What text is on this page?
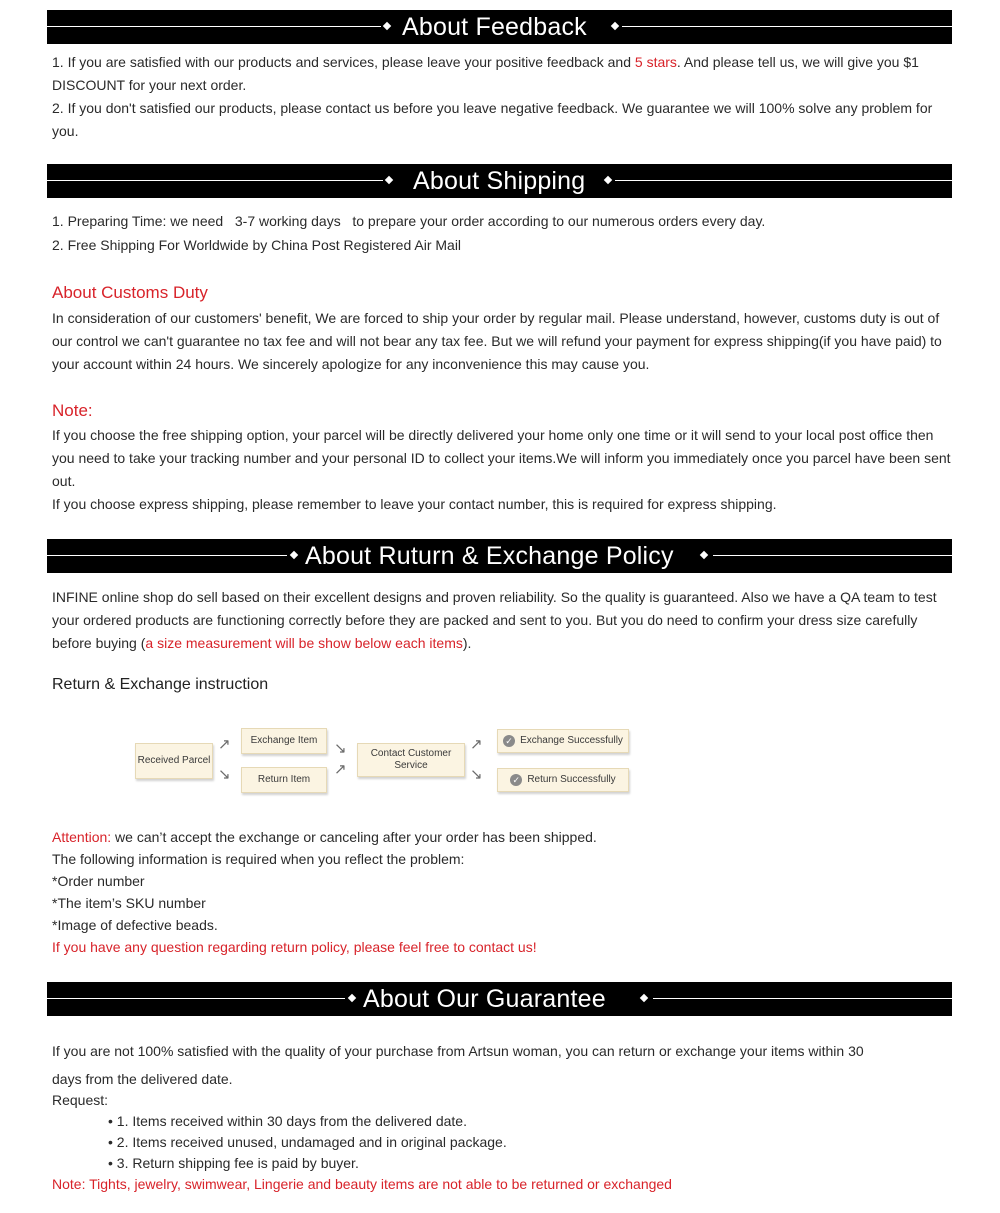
About Feedback

1. If you are satisfied with our products and services, please leave your positive feedback and 5 stars. And please tell us, we will give you $1 DISCOUNT for your next order.

2. If you don't satisfied our products, please contact us before you leave negative feedback. We guarantee we will 100% solve any problem for you.

About Shipping

1. Preparing Time: we need   3-7 working days   to prepare your order according to our numerous orders every day.

2. Free Shipping For Worldwide by China Post Registered Air Mail

About Customs Duty
In consideration of our customers' benefit, We are forced to ship your order by regular mail. Please understand, however, customs duty is out of our control we can't guarantee no tax fee and will not bear any tax fee. But we will refund your payment for express shipping(if you have paid) to your account within 24 hours. We sincerely apologize for any inconvenience this may cause you.
Note:

If you choose the free shipping option, your parcel will be directly delivered your home only one time or it will send to your local post office then you need to take your tracking number and your personal ID to collect your items.We will inform you immediately once you parcel have been sent out.

If you choose express shipping, please remember to leave your contact number, this is required for express shipping.

About Ruturn & Exchange Policy

INFINE online shop do sell based on their excellent designs and proven reliability. So the quality is guaranteed. Also we have a QA team to test your ordered products are functioning correctly before they are packed and sent to you. But you do need to confirm your dress size carefully before buying (a size measurement will be show below each items).

Return & Exchange instruction
Received Parcel
↗
↘
Exchange Item
Return Item
↘
↗
Contact Customer Service
↗
↘
✓ Exchange Successfully
✓ Return Successfully

Attention: we can’t accept the exchange or canceling after your order has been shipped.

The following information is required when you reflect the problem:

*Order number

*The item’s SKU number

*Image of defective beads.

If you have any question regarding return policy, please feel free to contact us!

About Our Guarantee
If you are not 100% satisfied with the quality of your purchase from Artsun woman, you can return or exchange your items within 30

days from the delivered date.

Request:

• 1. Items received within 30 days from the delivered date.

• 2. Items received unused, undamaged and in original package.

• 3. Return shipping fee is paid by buyer.

Note: Tights, jewelry, swimwear, Lingerie and beauty items are not able to be returned or exchanged
